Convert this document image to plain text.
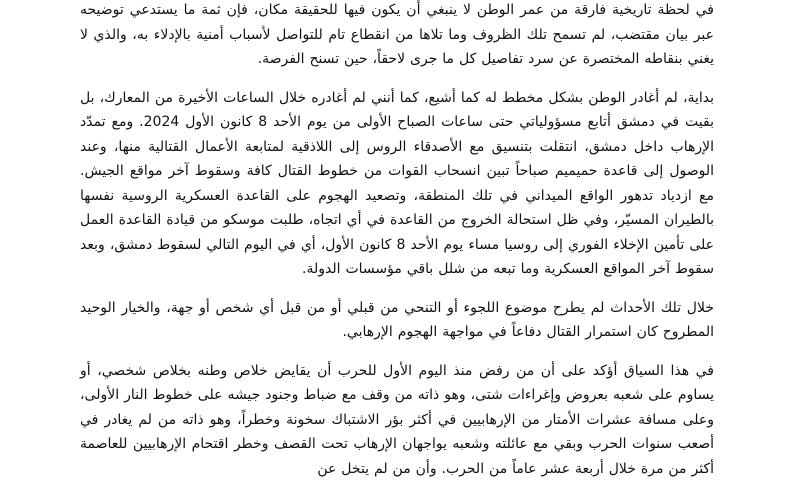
في لحظة تاريخية فارقة من عمر الوطن لا ينبغي أن يكون فيها للحقيقة مكان، فإن ثمة ما يستدعي توضيحه عبر بيان مقتضب، لم تسمح تلك الظروف وما تلاها من انقطاع تام للتواصل لأسباب أمنية بالإدلاء به، والذي لا يغني بنقاطه المختصرة عن سرد تفاصيل كل ما جرى لاحقاً، حين تسنح الفرصة.

بداية، لم أغادر الوطن بشكل مخطط له كما أشيع، كما أنني لم أغادره خلال الساعات الأخيرة من المعارك، بل بقيت في دمشق أتابع مسؤولياتي حتى ساعات الصباح الأولى من يوم الأحد 8 كانون الأول 2024. ومع تمدّد الإرهاب داخل دمشق، انتقلت بتنسيق مع الأصدقاء الروس إلى اللاذقية لمتابعة الأعمال القتالية منها، وعند الوصول إلى قاعدة حميميم صباحاً تبين انسحاب القوات من خطوط القتال كافة وسقوط آخر مواقع الجيش. مع ازدياد تدهور الواقع الميداني في تلك المنطقة، وتصعيد الهجوم على القاعدة العسكرية الروسية نفسها بالطيران المسيّر، وفي ظل استحالة الخروج من القاعدة في أي اتجاه، طلبت موسكو من قيادة القاعدة العمل على تأمين الإخلاء الفوري إلى روسيا مساء يوم الأحد 8 كانون الأول، أي في اليوم التالي لسقوط دمشق، وبعد سقوط آخر المواقع العسكرية وما تبعه من شلل باقي مؤسسات الدولة.

خلال تلك الأحداث لم يطرح موضوع اللجوء أو التنحي من قبلي أو من قبل أي شخص أو جهة، والخيار الوحيد المطروح كان استمرار القتال دفاعاً في مواجهة الهجوم الإرهابي.

في هذا السياق أؤكد على أن من رفض منذ اليوم الأول للحرب أن يقايض خلاص وطنه بخلاص شخصي، أو يساوم على شعبه بعروض وإغراءات شتى، وهو ذاته من وقف مع ضباط وجنود جيشه على خطوط النار الأولى، وعلى مسافة عشرات الأمتار من الإرهابيين في أكثر بؤر الاشتباك سخونة وخطراً، وهو ذاته من لم يغادر في أصعب سنوات الحرب وبقي مع عائلته وشعبه يواجهان الإرهاب تحت القصف وخطر اقتحام الإرهابيين للعاصمة أكثر من مرة خلال أربعة عشر عاماً من الحرب. وأن من لم يتخل عن
